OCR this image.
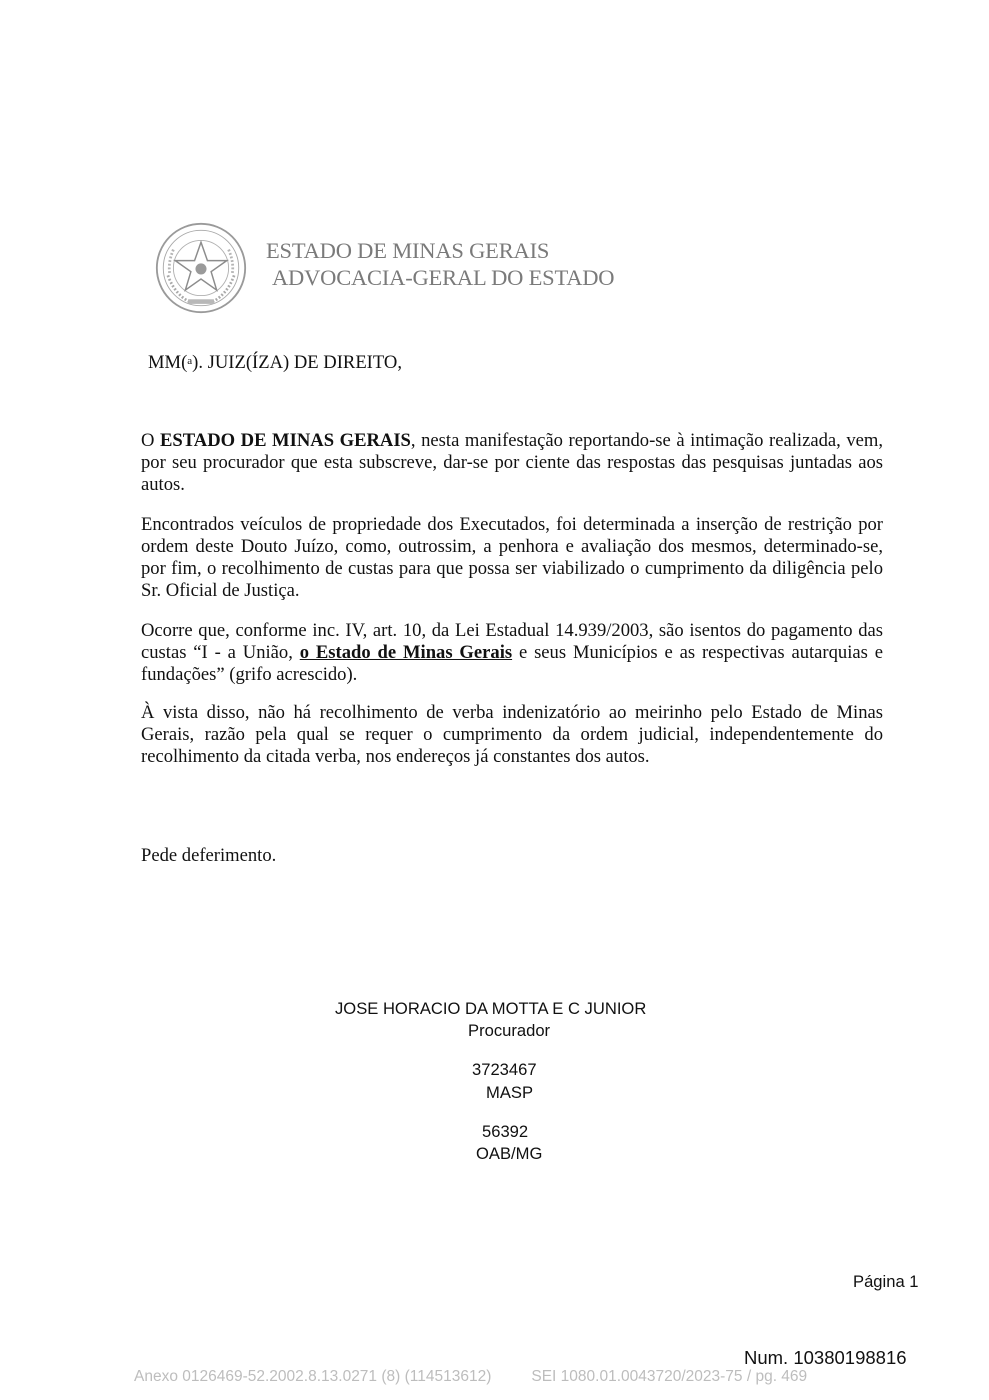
ESTADO DE MINAS GERAIS
ADVOCACIA-GERAL DO ESTADO
MM($^a$). JUIZ(ÍZA) DE DIREITO,
O ESTADO DE MINAS GERAIS, nesta manifestação reportando-se à intimação realizada, vem, por seu procurador que esta subscreve, dar-se por ciente das respostas das pesquisas juntadas aos autos.
Encontrados veículos de propriedade dos Executados, foi determinada a inserção de restrição por ordem deste Douto Juízo, como, outrossim, a penhora e avaliação dos mesmos, determinado-se, por fim, o recolhimento de custas para que possa ser viabilizado o cumprimento da diligência pelo Sr. Oficial de Justiça.
Ocorre que, conforme inc. IV, art. 10, da Lei Estadual 14.939/2003, são isentos do pagamento das custas “I - a União, o Estado de Minas Gerais e seus Municípios e as respectivas autarquias e fundações” (grifo acrescido).
À vista disso, não há recolhimento de verba indenizatório ao meirinho pelo Estado de Minas Gerais, razão pela qual se requer o cumprimento da ordem judicial, independentemente do recolhimento da citada verba, nos endereços já constantes dos autos.
Pede deferimento.
JOSE HORACIO DA MOTTA E C JUNIOR
Procurador
3723467
MASP
56392
OAB/MG
Página 1
Num. 10380198816
Anexo 0126469-52.2002.8.13.0271 (8) (114513612)	SEI 1080.01.0043720/2023-75 / pg. 469
